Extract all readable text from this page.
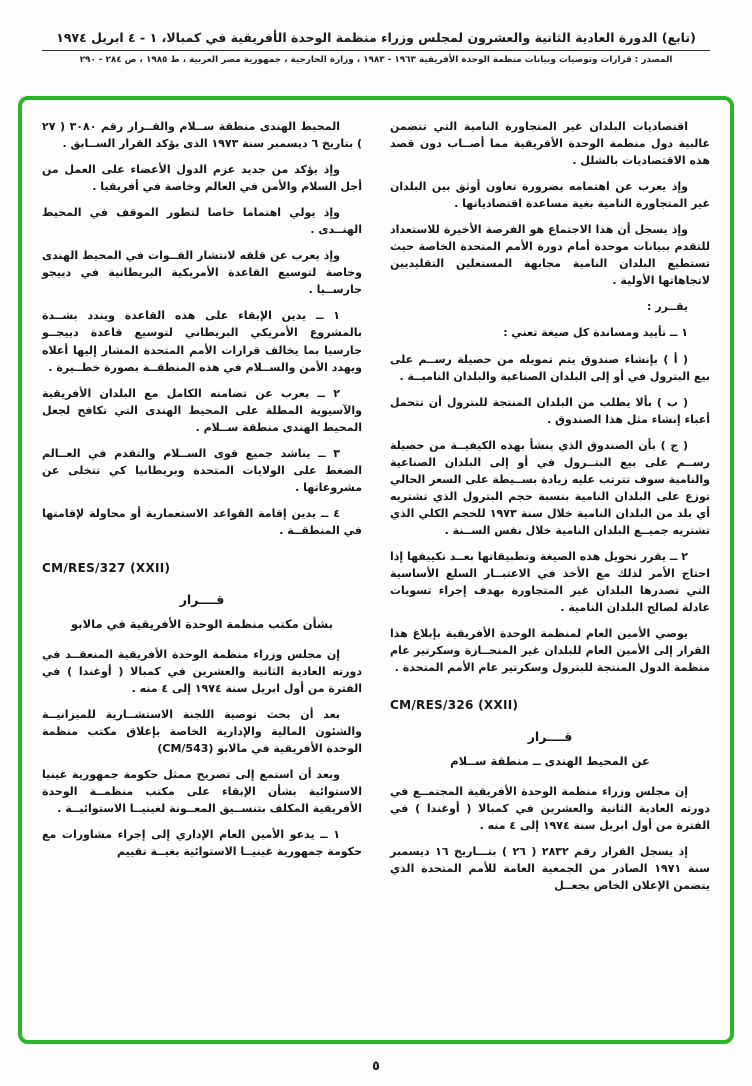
(تابع) الدورة العادية الثانية والعشرون لمجلس وزراء منظمة الوحدة الأفريقية في كمبالا، ١ - ٤ ابريل ١٩٧٤
المصدر : قرارات وتوصيات وبيانات منظمة الوحدة الأفريقية ١٩٦٣ - ١٩٨٣ ، وزارة الخارجية ، جمهورية مصر العربية ، ط ١٩٨٥ ، ص ٢٨٤ - ٢٩٠

اقتصاديات البلدان غير المتجاورة النامية التي تتضمن غالبية دول منظمة الوحدة الأفريقية مما أصــاب دون قصد هذه الاقتصاديات بالشلل .

وإذ يعرب عن اهتمامه بضرورة تعاون أوثق بين البلدان غير المتجاورة النامية بغية مساعدة اقتصادياتها .

وإذ يسجل أن هذا الاجتماع هو الفرصة الأخيرة للاستعداد للتقدم ببيانات موحدة أمام دورة الأمم المتحدة الخاصة حيث تستطيع البلدان النامية مجابهة المستغلين التقليديين لاتجاهاتها الأولية .

يقــرر :

١ ــ تأييد ومساندة كل صيغة تعني :

( أ ) بإنشاء صندوق يتم تمويله من حصيلة رســم على بيع البترول في أو إلى البلدان الصناعية والبلدان الناميــة .

( ب ) بألا يطلب من البلدان المنتجة للبترول أن تتحمل أعباء إنشاء مثل هذا الصندوق .

( ج ) بأن الصندوق الذي ينشأ بهذه الكيفيــة من حصيلة رســم على بيع البتــرول في أو إلى البلدان الصناعية والنامية سوف تترتب عليه زيادة بســيطة على السعر الحالي توزع على البلدان النامية بنسبة حجم البترول الذي تشتريه أي بلد من البلدان النامية خلال سنة ١٩٧٣ للحجم الكلي الذي تشتريه جميــع البلدان النامية خلال نفس الســنة .

٢ ــ يقرر تحويل هذه الصيغة وتطبيقاتها بعــد تكييفها إذا احتاج الأمر لذلك مع الأخذ في الاعتبــار السلع الأساسية التي تصدرها البلدان غير المتجاورة بهدف إجراء تسويات عادلة لصالح البلدان النامية .

يوصي الأمين العام لمنظمة الوحدة الأفريقية بإبلاغ هذا القرار إلى الأمين العام للبلدان غير المنحــازة وسكرتير عام منظمة الدول المنتجة للبترول وسكرتير عام الأمم المتحدة .

CM/RES/326 (XXII)

قــــرار

عن المحيط الهندى ــ منطقة ســلام

إن مجلس وزراء منظمة الوحدة الأفريقية المجتمــع في دورته العادية الثانية والعشرين في كمبالا ( أوغندا ) في الفترة من أول ابريل سنة ١٩٧٤ إلى ٤ منه .

إذ يسجل القرار رقم ٢٨٣٢ ( ٢٦ ) بتـــاريخ ١٦ ديسمبر سنة ١٩٧١ الصادر من الجمعية العامة للأمم المتحدة الذي يتضمن الإعلان الخاص بجعــل

المحيط الهندى منطقة ســلام والقــرار رقم ٣٠٨٠ ( ٢٧ ) بتاريخ ٦ ديسمبر سنة ١٩٧٣ الذى يؤكد القرار الســابق .

وإذ يؤكد من جديد عزم الدول الأعضاء على العمل من أجل السلام والأمن في العالم وخاصة في أفريقيا .

وإذ يولي اهتماما خاصا لتطور الموقف في المحيط الهنــدى .

وإذ يعرب عن قلقه لانتشار القــوات في المحيط الهندى وخاصة لتوسيع القاعدة الأمريكية البريطانية في دييجو جارســيا .

١ ــ يدين الإبقاء على هذه القاعدة ويندد بشــدة بالمشروع الأمريكي البريطاني لتوسيع قاعدة دييجــو جارسيا بما يخالف قرارات الأمم المتحدة المشار إليها أعلاه ويهدد الأمن والســلام في هذه المنطقــة بصورة خطــيرة .

٢ ــ يعرب عن تضامنه الكامل مع البلدان الأفريقية والآسيوية المطلة على المحيط الهندى التي تكافح لجعل المحيط الهندى منطقة ســلام .

٣ ــ يناشد جميع قوى الســلام والتقدم في العــالم الضغط على الولايات المتحدة وبريطانيا كي تتخلى عن مشروعاتها .

٤ ــ يدين إقامة القواعد الاستعمارية أو محاولة لإقامتها في المنطقــة .

CM/RES/327 (XXII)

قــــرار

بشأن مكتب منظمة الوحدة الأفريقية في مالابو

إن مجلس وزراء منظمة الوحدة الأفريقية المنعقــد في دورته العادية الثانية والعشرين في كمبالا ( أوغندا ) في الفترة من أول ابريل سنة ١٩٧٤ إلى ٤ منه .

بعد أن بحث توصية اللجنة الاستشــارية للميزانيــة والشئون المالية والإدارية الخاصة بإغلاق مكتب منظمة الوحدة الأفريقية في مالابو (CM/543)

وبعد أن استمع إلى تصريح ممثل حكومة جمهورية غينيا الاستوائية بشأن الإبقاء على مكتب منظمــة الوحدة الأفريقية المكلف بتنســيق المعــونة لغينيــا الاستوائيــة .

١ ــ يدعو الأمين العام الإداري إلى إجراء مشاورات مع حكومة جمهورية غينيــا الاستوائية بغيــة تقييم

٥
